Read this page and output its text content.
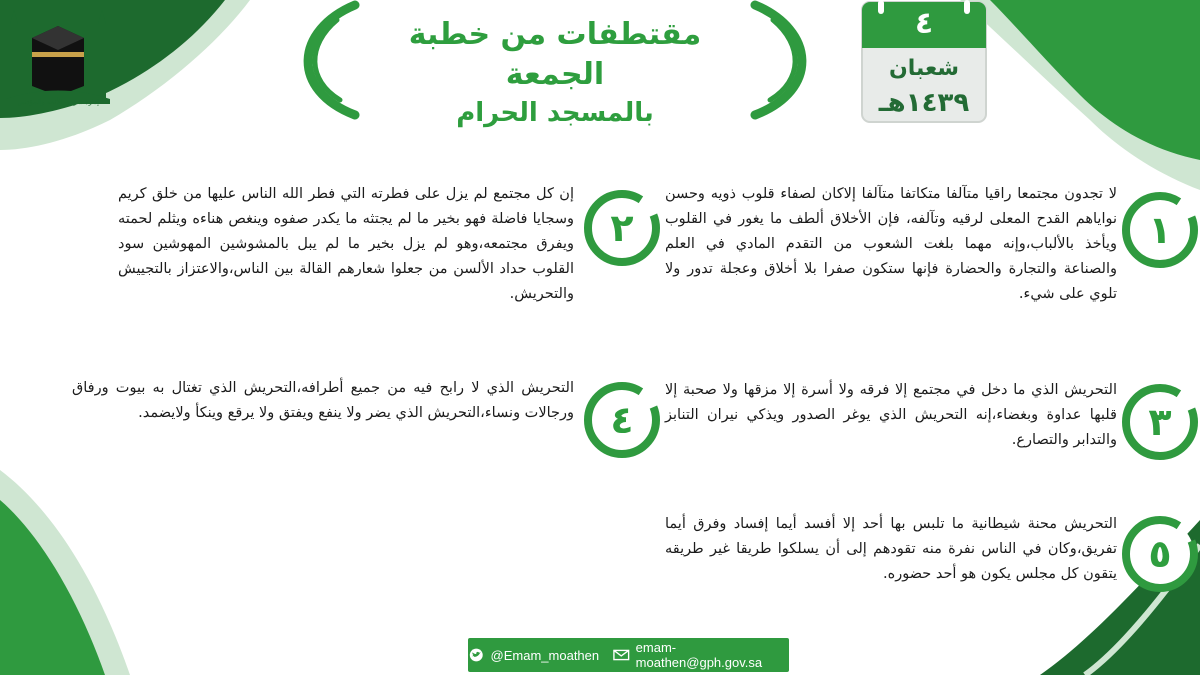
إدارة شؤون الأئمة والمؤذنين
مقتطفات من خطبة الجمعة
بالمسجد الحرام
٤
شعبان
١٤٣٩هـ
١
٢
٣
٤
٥
لا تجدون مجتمعا راقيا متآلفا متكاتفا متآلفا إلاكان لصفاء قلوب ذويه وحسن نواياهم القدح المعلى لرقيه وتآلفه، فإن الأخلاق ألطف ما يغور في القلوب ويأخذ بالألباب،وإنه مهما بلغت الشعوب من التقدم المادي في العلم والصناعة والتجارة والحضارة فإنها ستكون صفرا بلا أخلاق وعجلة تدور ولا تلوي على شيء.
إن كل مجتمع لم يزل على فطرته التي فطر الله الناس عليها من خلق كريم وسجايا فاضلة فهو بخير ما لم يجتثه ما يكدر صفوه وينغص هناءه ويثلم لحمته ويفرق مجتمعه،وهو لم يزل بخير ما لم يبل بالمشوشين المهوشين سود القلوب حداد الألسن من جعلوا شعارهم القالة بين الناس،والاعتزاز بالتجييش والتحريش.
التحريش الذي ما دخل في مجتمع إلا فرقه ولا أسرة إلا مزقها ولا صحبة إلا قلبها عداوة وبغضاء،إنه التحريش الذي يوغر الصدور ويذكي نيران التنابز والتدابر والتصارع.
التحريش الذي لا رابح فيه من جميع أطرافه،التحريش الذي تغتال به بيوت ورفاق ورجالات ونساء،التحريش الذي يضر ولا ينفع ويفتق ولا يرقع وينكأ ولايضمد.
التحريش محنة شيطانية ما تلبس بها أحد إلا أفسد أيما إفساد وفرق أيما تفريق،وكان في الناس نفرة منه تقودهم إلى أن يسلكوا طريقا غير طريقه يتقون كل مجلس يكون هو أحد حضوره.
@Emam_moathen	emam-moathen@gph.gov.sa
